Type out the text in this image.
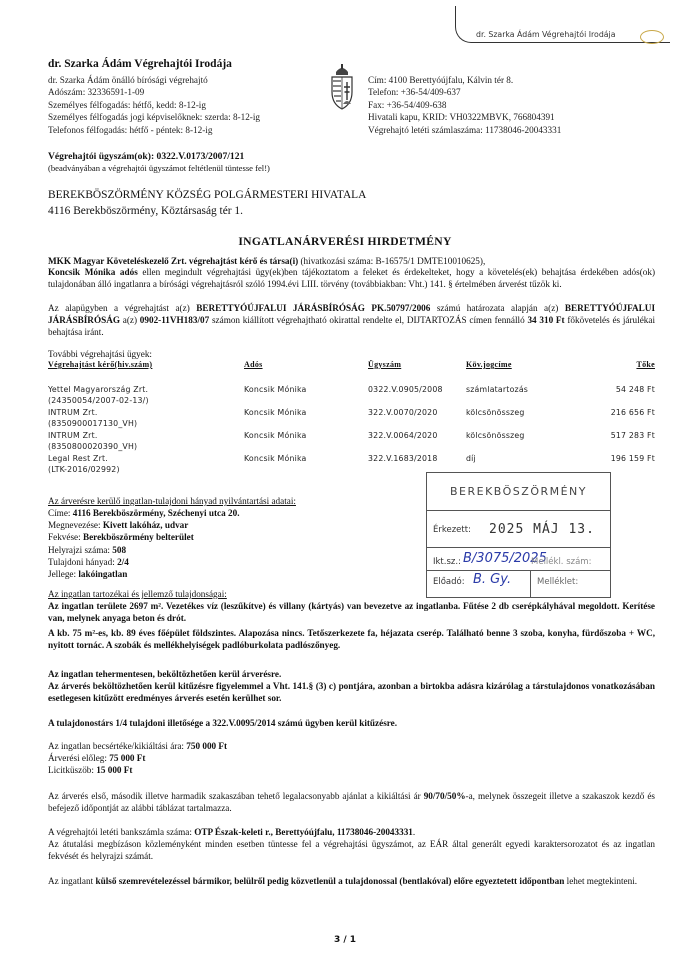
dr. Szarka Ádám Végrehajtói Irodája
dr. Szarka Ádám Végrehajtói Irodája
dr. Szarka Ádám önálló bírósági végrehajtó
Adószám: 32336591-1-09
Személyes félfogadás: hétfő, kedd: 8-12-ig
Személyes félfogadás jogi képviselőknek: szerda: 8-12-ig
Telefonos félfogadás: hétfő - péntek: 8-12-ig
Cím: 4100 Berettyóújfalu, Kálvin tér 8.
Telefon: +36-54/409-637
Fax: +36-54/409-638
Hivatali kapu, KRID: VH0322MBVK, 766804391
Végrehajtó letéti számlaszáma: 11738046-20043331
Végrehajtói ügyszám(ok): 0322.V.0173/2007/121
(beadványában a végrehajtói ügyszámot feltétlenül tüntesse fel!)
BEREKBÖSZÖRMÉNY KÖZSÉG POLGÁRMESTERI HIVATALA
4116 Berekböszörmény, Köztársaság tér 1.
INGATLANÁRVERÉSI HIRDETMÉNY
MKK Magyar Követeléskezelő Zrt. végrehajtást kérő és társa(i) (hivatkozási száma: B-16575/1 DMTE10010625),
Koncsik Mónika adós ellen megindult végrehajtási ügy(ek)ben tájékoztatom a feleket és érdekelteket, hogy a követelés(ek) behajtása érdekében adós(ok) tulajdonában álló ingatlanra a bírósági végrehajtásról szóló 1994.évi LIII. törvény (továbbiakban: Vht.) 141. § értelmében árverést tűzök ki.
Az alapügyben a végrehajtást a(z) BERETTYÓÚJFALUI JÁRÁSBÍRÓSÁG PK.50797/2006 számú határozata alapján a(z) BERETTYÓÚJFALUI JÁRÁSBÍRÓSÁG a(z) 0902-11VH183/07 számon kiállított végrehajtható okirattal rendelte el, DIJTARTOZÁS címen fennálló 34 310 Ft főkövetelés és járulékai behajtása iránt.
További végrehajtási ügyek:
Végrehajtást kérő(hiv.szám)	Adós	Ügyszám	Köv.jogcíme	Tőke
Yettel Magyarország Zrt.
(24350054/2007-02-13/)
Koncsik Mónika	0322.V.0905/2008	számlatartozás	54 248 Ft
INTRUM Zrt.
(8350900017130_VH)
Koncsik Mónika	322.V.0070/2020	kölcsönösszeg	216 656 Ft
INTRUM Zrt.
(8350800020390_VH)
Koncsik Mónika	322.V.0064/2020	kölcsönösszeg	517 283 Ft
Legal Rest Zrt.
(LTK-2016/02992)
Koncsik Mónika	322.V.1683/2018	díj	196 159 Ft
Az árverésre kerülő ingatlan-tulajdoni hányad nyilvántartási adatai:
Címe: 4116 Berekböszörmény, Széchenyi utca 20.
Megnevezése: Kivett lakóház, udvar
Fekvése: Berekböszörmény belterület
Helyrajzi száma: 508
Tulajdoni hányad: 2/4
Jellege: lakóingatlan
BEREKBÖSZÖRMÉNY
Érkezett: 2025 MÁJ 13.
Ikt.sz.: B/3075/2025
Mellékl. szám:
Előadó: B. Gy.	Melléklet:
Az ingatlan tartozékai és jellemző tulajdonságai:
Az ingatlan területe 2697 m². Vezetékes víz (leszűkítve) és villany (kártyás) van bevezetve az ingatlanba. Fűtése 2 db cserépkályhával megoldott. Kerítése van, melynek anyaga beton és drót.
A kb. 75 m²-es, kb. 89 éves főépület földszintes. Alapozása nincs. Tetőszerkezete fa, héjazata cserép. Található benne 3 szoba, konyha, fürdőszoba + WC, nyitott tornác. A szobák és mellékhelyiségek padlóburkolata padlószőnyeg.
Az ingatlan tehermentesen, beköltözhetően kerül árverésre.
Az árverés beköltözhetően kerül kitűzésre figyelemmel a Vht. 141.§ (3) c) pontjára, azonban a birtokba adásra kizárólag a társtulajdonos vonatkozásában esetlegesen kitűzött eredményes árverés esetén kerülhet sor.
A tulajdonostárs 1/4 tulajdoni illetősége a 322.V.0095/2014 számú ügyben kerül kitűzésre.
Az ingatlan becsértéke/kikiáltási ára: 750 000 Ft
Árverési előleg: 75 000 Ft
Licitküszöb: 15 000 Ft
Az árverés első, második illetve harmadik szakaszában tehető legalacsonyabb ajánlat a kikiáltási ár 90/70/50%-a, melynek összegeit illetve a szakaszok kezdő és befejező időpontját az alábbi táblázat tartalmazza.
A végrehajtói letéti bankszámla száma: OTP Észak-keleti r., Berettyóújfalu, 11738046-20043331.
Az átutalási megbízáson közleményként minden esetben tüntesse fel a végrehajtási ügyszámot, az EÁR által generált egyedi karaktersorozatot és az ingatlan fekvését és helyrajzi számát.
Az ingatlant külső szemrevételezéssel bármikor, belülről pedig közvetlenül a tulajdonossal (bentlakóval) előre egyeztetett időpontban lehet megtekinteni.
3 / 1
